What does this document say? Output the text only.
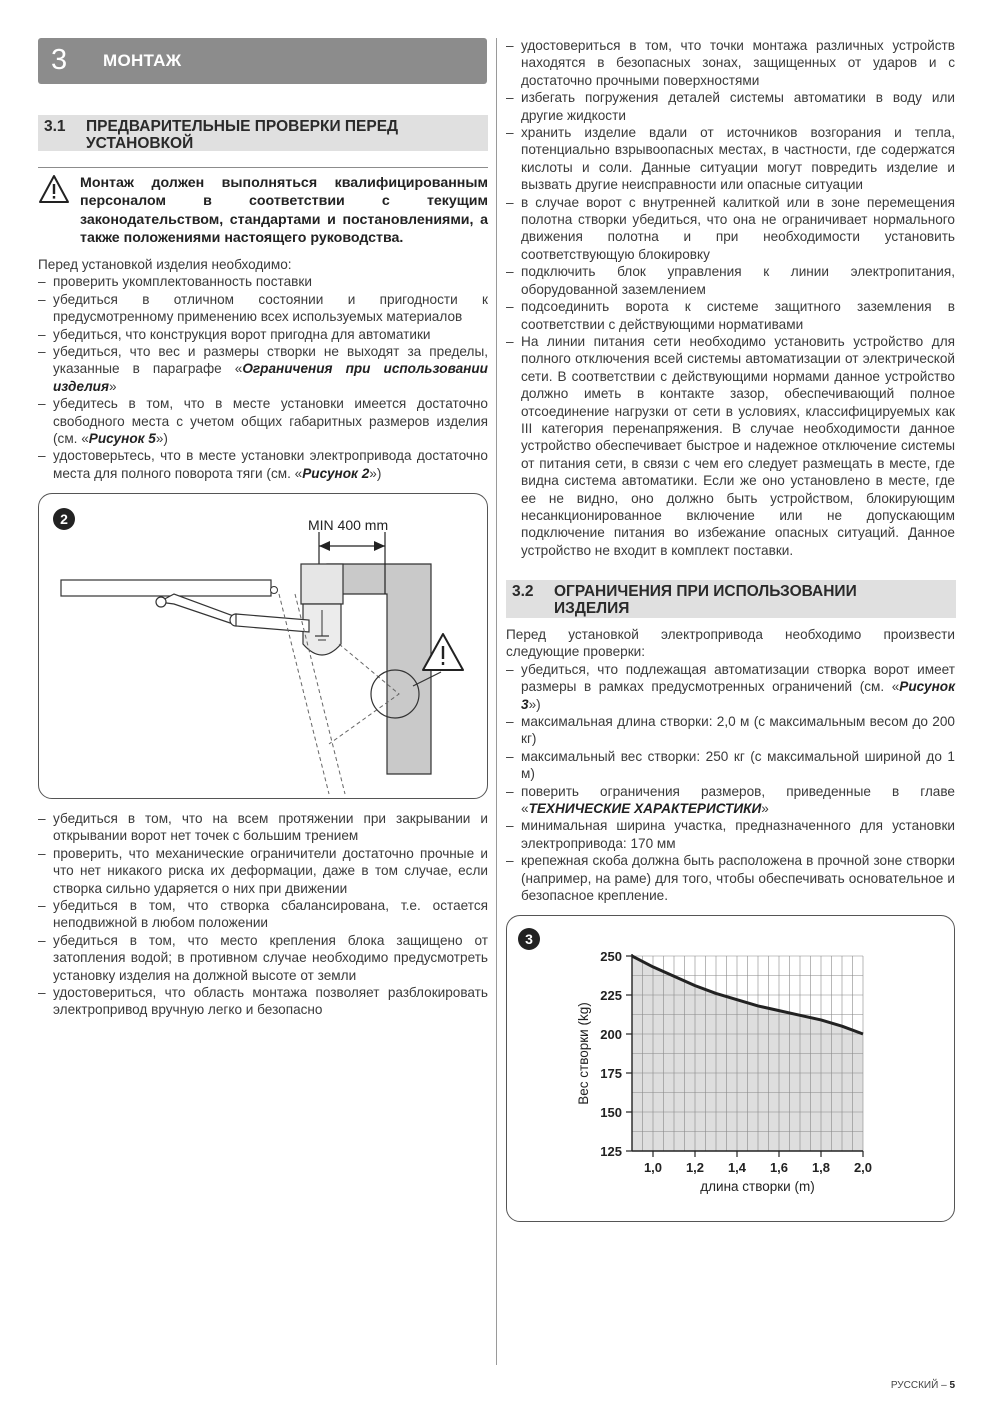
3	МОНТАЖ
3.1 ПРЕДВАРИТЕЛЬНЫЕ ПРОВЕРКИ ПЕРЕД УСТАНОВКОЙ
Монтаж должен выполняться квалифицированным персоналом в соответствии с текущим законодательством, стандартами и постановлениями, а также положениями настоящего руководства.
Перед установкой изделия необходимо:
– проверить укомплектованность поставки
– убедиться в отличном состоянии и пригодности к предусмотренному применению всех используемых материалов
– убедиться, что конструкция ворот пригодна для автоматики
– убедиться, что вес и размеры створки не выходят за пределы, указанные в параграфе «Ограничения при использовании изделия»
– убедитесь в том, что в месте установки имеется достаточно свободного места с учетом общих габаритных размеров изделия (см. «Рисунок 5»)
– удостоверьтесь, что в месте установки электропривода достаточно места для полного поворота тяги (см. «Рисунок 2»)
2	MIN 400 mm
– убедиться в том, что на всем протяжении при закрывании и открывании ворот нет точек с большим трением
– проверить, что механические ограничители достаточно прочные и что нет никакого риска их деформации, даже в том случае, если створка сильно ударяется о них при движении
– убедиться в том, что створка сбалансирована, т.е. остается неподвижной в любом положении
– убедиться в том, что место крепления блока защищено от затопления водой; в противном случае необходимо предусмотреть установку изделия на должной высоте от земли
– удостовериться, что область монтажа позволяет разблокировать электропривод вручную легко и безопасно
– удостовериться в том, что точки монтажа различных устройств находятся в безопасных зонах, защищенных от ударов и с достаточно прочными поверхностями
– избегать погружения деталей системы автоматики в воду или другие жидкости
– хранить изделие вдали от источников возгорания и тепла, потенциально взрывоопасных местах, в частности, где содержатся кислоты и соли. Данные ситуации могут повредить изделие и вызвать другие неисправности или опасные ситуации
– в случае ворот с внутренней калиткой или в зоне перемещения полотна створки убедиться, что она не ограничивает нормального движения полотна и при необходимости установить соответствующую блокировку
– подключить блок управления к линии электропитания, оборудованной заземлением
– подсоединить ворота к системе защитного заземления в соответствии с действующими нормативами
– На линии питания сети необходимо установить устройство для полного отключения всей системы автоматизации от электрической сети. В соответствии с действующими нормами данное устройство должно иметь в контакте зазор, обеспечивающий полное отсоединение нагрузки от сети в условиях, классифицируемых как III категория перенапряжения. В случае необходимости данное устройство обеспечивает быстрое и надежное отключение системы от питания сети, в связи с чем его следует размещать в месте, где видна система автоматики. Если же оно установлено в месте, где ее не видно, оно должно быть устройством, блокирующим несанкционированное включение или не допускающим подключение питания во избежание опасных ситуаций. Данное устройство не входит в комплект поставки.
3.2 ОГРАНИЧЕНИЯ ПРИ ИСПОЛЬЗОВАНИИ ИЗДЕЛИЯ
Перед установкой электропривода необходимо произвести следующие проверки:
– убедиться, что подлежащая автоматизации створка ворот имеет размеры в рамках предусмотренных ограничений (см. «Рисунок 3»)
– максимальная длина створки: 2,0 м (с максимальным весом до 200 кг)
– максимальный вес створки: 250 кг (с максимальной шириной до 1 м)
– поверить ограничения размеров, приведенные в главе «ТЕХНИЧЕСКИЕ ХАРАКТЕРИСТИКИ»
– минимальная ширина участка, предназначенного для установки электропривода: 170 мм
– крепежная скоба должна быть расположена в прочной зоне створки (например, на раме) для того, чтобы обеспечивать основательное и безопасное крепление.
3
125
150
175
200
225
250
1,0 1,2 1,4 1,6 1,8 2,0
длина створки (m)
Вес створки (kg)
РУССКИЙ – 5
